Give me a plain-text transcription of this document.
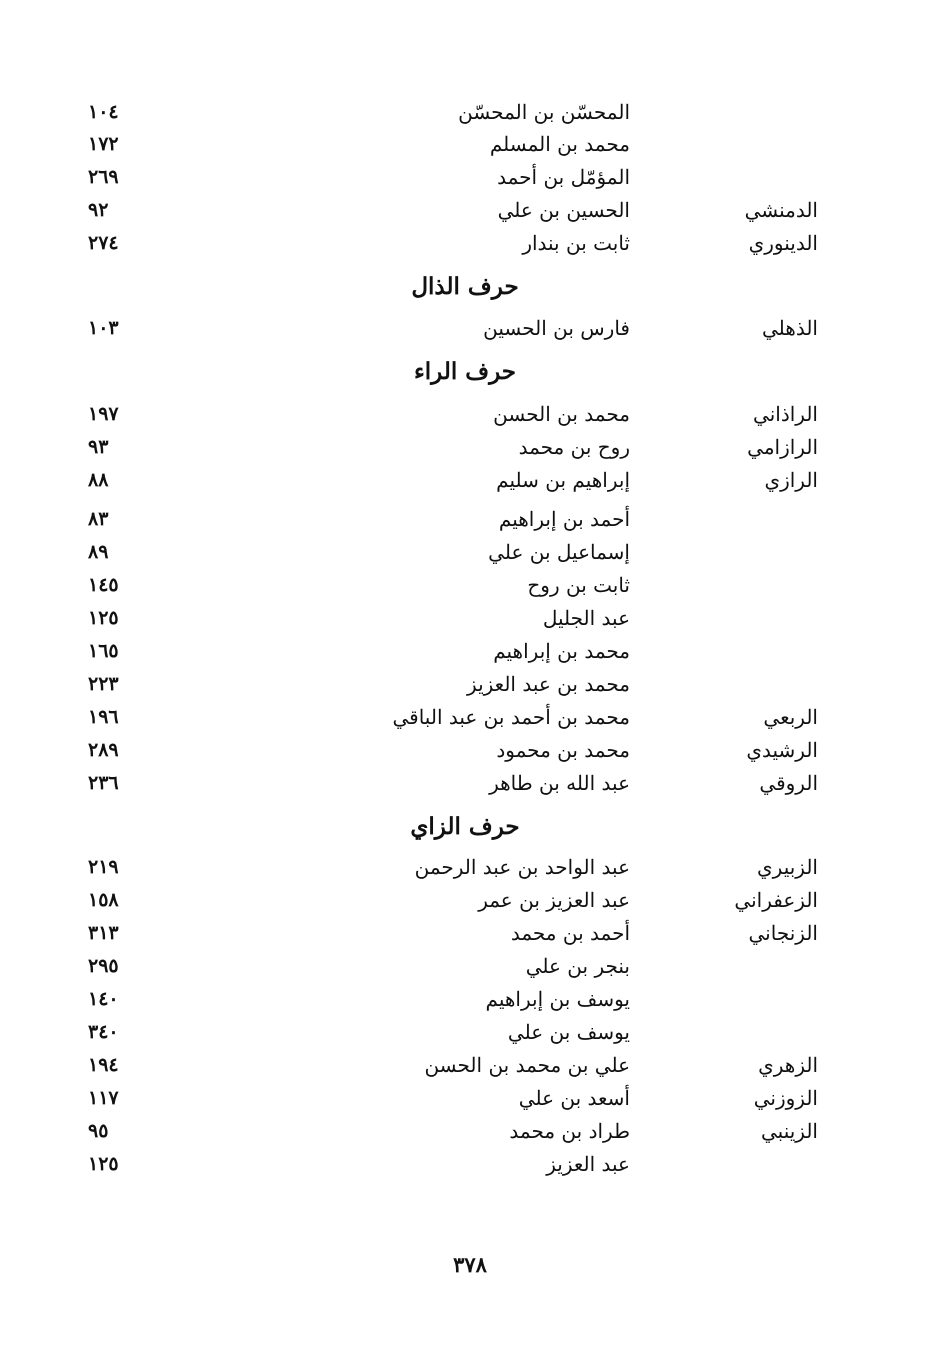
المحسّن بن المحسّن
١٠٤
محمد بن المسلم
١٧٢
المؤمّل بن أحمد
٢٦٩
الدمنشي
الحسين بن علي
٩٢
الدينوري
ثابت بن بندار
٢٧٤
حرف الذال
الذهلي
فارس بن الحسين
١٠٣
حرف الراء
الراذاني
محمد بن الحسن
١٩٧
الرازامي
روح بن محمد
٩٣
الرازي
إبراهيم بن سليم
٨٨
أحمد بن إبراهيم
٨٣
إسماعيل بن علي
٨٩
ثابت بن روح
١٤٥
عبد الجليل
١٢٥
محمد بن إبراهيم
١٦٥
محمد بن عبد العزيز
٢٢٣
الربعي
محمد بن أحمد بن عبد الباقي
١٩٦
الرشيدي
محمد بن محمود
٢٨٩
الروقي
عبد الله بن طاهر
٢٣٦
حرف الزاي
الزبيري
عبد الواحد بن عبد الرحمن
٢١٩
الزعفراني
عبد العزيز بن عمر
١٥٨
الزنجاني
أحمد بن محمد
٣١٣
بنجر بن علي
٢٩٥
يوسف بن إبراهيم
١٤٠
يوسف بن علي
٣٤٠
الزهري
علي بن محمد بن الحسن
١٩٤
الزوزني
أسعد بن علي
١١٧
الزينبي
طراد بن محمد
٩٥
عبد العزيز
١٢٥
٣٧٨
